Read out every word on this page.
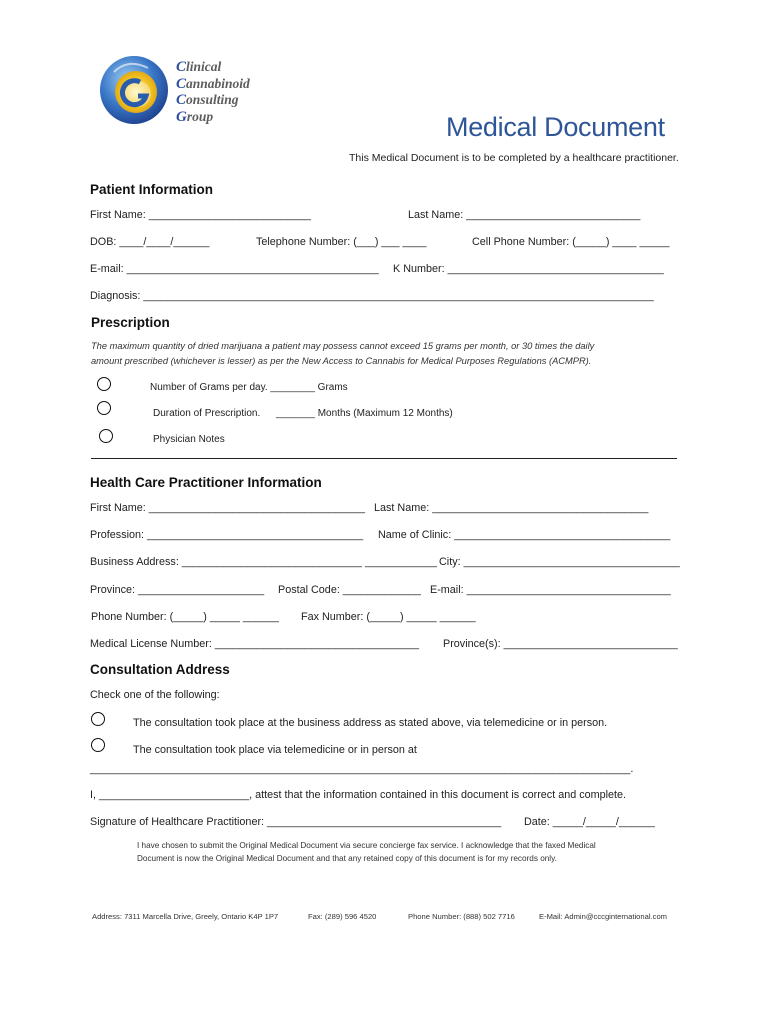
Clinical
Cannabinoid
Consulting
Group	Medical Document
This Medical Document is to be completed by a healthcare practitioner.
Patient Information
First Name: ___________________________	Last Name: _____________________________
DOB: ____/____/______	Telephone Number: (___) ___ ____	Cell Phone Number: (_____) ____ _____
E-mail: __________________________________________ K Number: ____________________________________
Diagnosis: _____________________________________________________________________________________
Prescription
The maximum quantity of dried marijuana a patient may possess cannot exceed 15 grams per month, or 30 times the daily
amount prescribed (whichever is lesser) as per the New Access to Cannabis for Medical Purposes Regulations (ACMPR).
Number of Grams per day. ________ Grams
Duration of Prescription. _______ Months (Maximum 12 Months)
Physician Notes
Health Care Practitioner Information
First Name: ____________________________________ Last Name: ____________________________________
Profession: ____________________________________ Name of Clinic: ____________________________________
Business Address: ______________________________ ____________ City: ____________________________________
Province: _____________________ Postal Code: _____________ E-mail: __________________________________
Phone Number: (_____) _____ ______ Fax Number: (_____) _____ ______
Medical License Number: __________________________________ Province(s): _____________________________
Consultation Address
Check one of the following:
The consultation took place at the business address as stated above, via telemedicine or in person.
The consultation took place via telemedicine or in person at
__________________________________________________________________________________________.
I, _________________________, attest that the information contained in this document is correct and complete.
Signature of Healthcare Practitioner: _______________________________________ Date: _____/_____/______
I have chosen to submit the Original Medical Document via secure concierge fax service. I acknowledge that the faxed Medical
Document is now the Original Medical Document and that any retained copy of this document is for my records only.
Address: 7311 Marcella Drive, Greely, Ontario K4P 1P7	Fax: (289) 596 4520	Phone Number: (888) 502 7716	E-Mail: Admin@cccginternational.com
